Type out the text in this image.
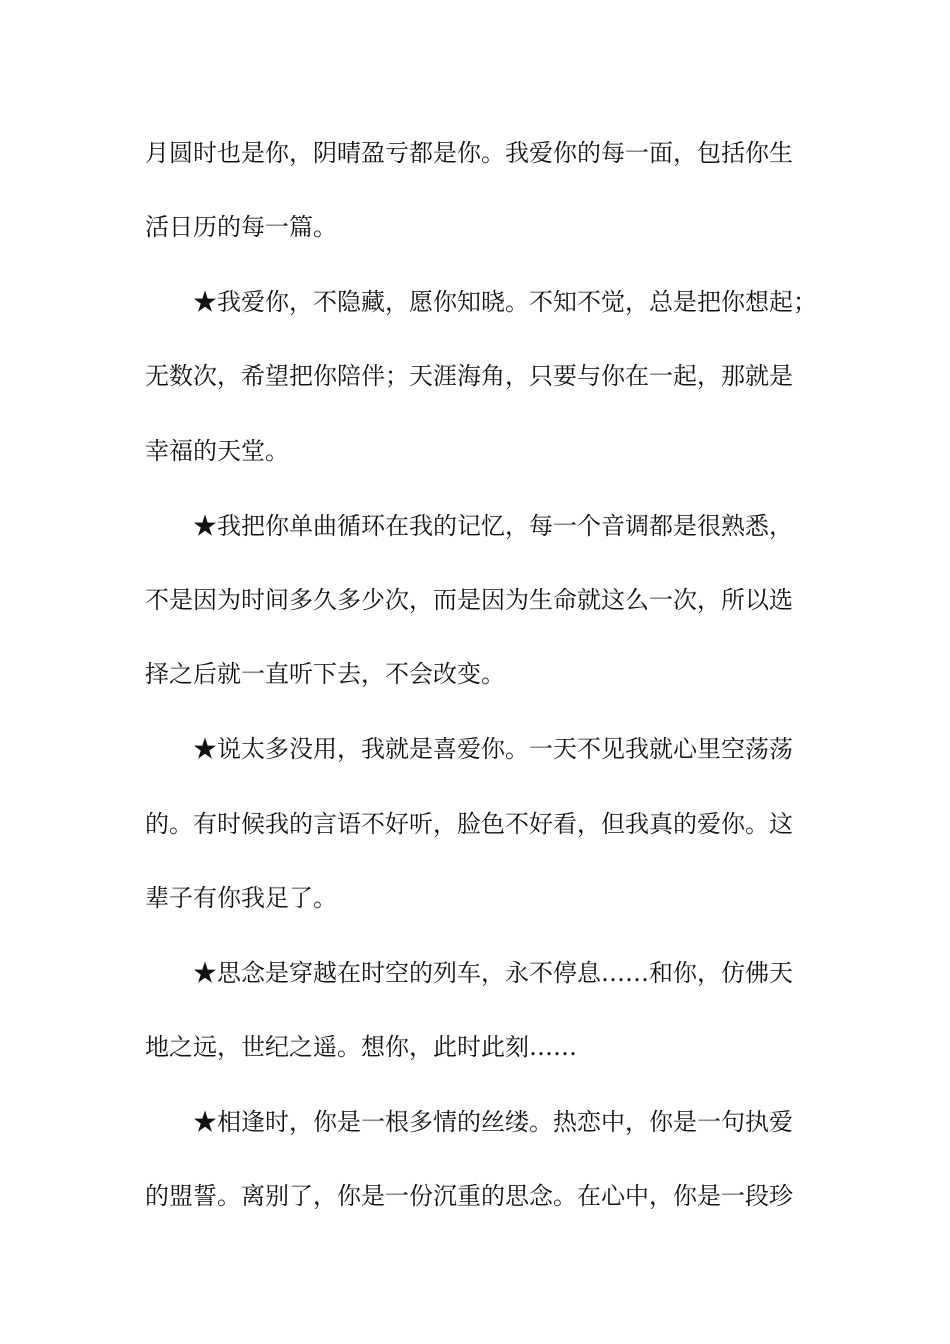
月圆时也是你，阴晴盈亏都是你。我爱你的每一面，包括你生
活日历的每一篇。
★我爱你，不隐藏，愿你知晓。不知不觉，总是把你想起；
无数次，希望把你陪伴；天涯海角，只要与你在一起，那就是
幸福的天堂。
★我把你单曲循环在我的记忆，每一个音调都是很熟悉，
不是因为时间多久多少次，而是因为生命就这么一次，所以选
择之后就一直听下去，不会改变。
★说太多没用，我就是喜爱你。一天不见我就心里空荡荡
的。有时候我的言语不好听，脸色不好看，但我真的爱你。这
辈子有你我足了。
★思念是穿越在时空的列车，永不停息……和你，仿佛天
地之远，世纪之遥。想你，此时此刻……
★相逢时，你是一根多情的丝缕。热恋中，你是一句执爱
的盟誓。离别了，你是一份沉重的思念。在心中，你是一段珍
